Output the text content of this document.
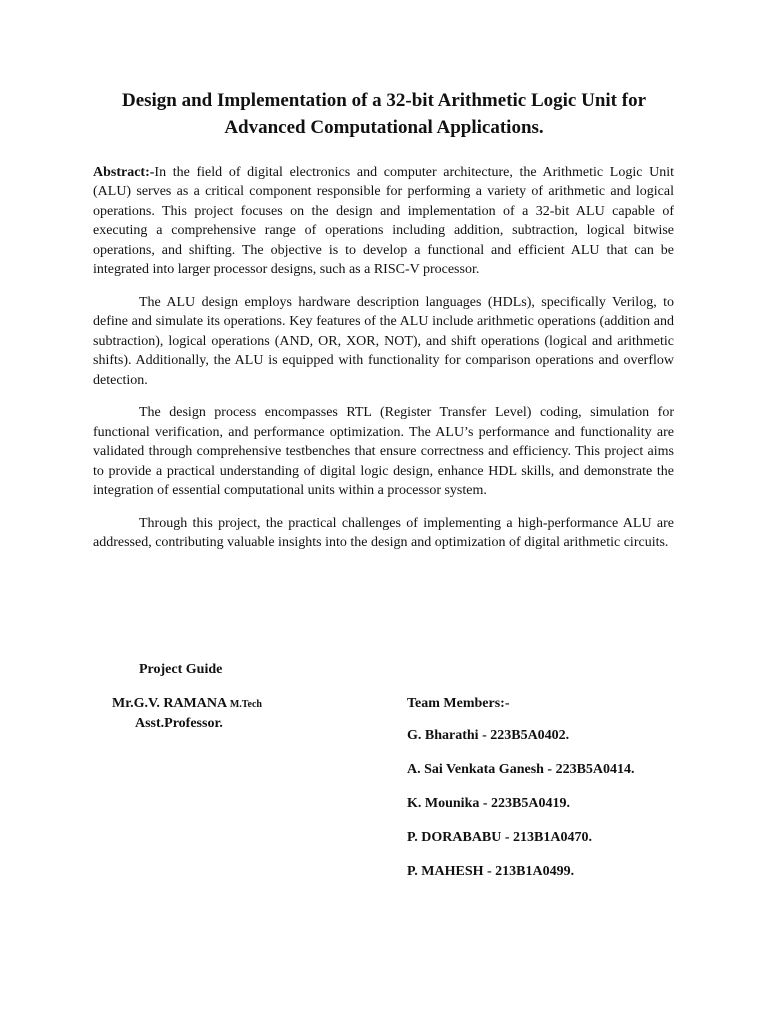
Design and Implementation of a 32-bit Arithmetic Logic Unit for
Advanced Computational Applications.

Abstract:-In the field of digital electronics and computer architecture, the Arithmetic Logic Unit (ALU) serves as a critical component responsible for performing a variety of arithmetic and logical operations. This project focuses on the design and implementation of a 32-bit ALU capable of executing a comprehensive range of operations including addition, subtraction, logical bitwise operations, and shifting. The objective is to develop a functional and efficient ALU that can be integrated into larger processor designs, such as a RISC-V processor.

The ALU design employs hardware description languages (HDLs), specifically Verilog, to define and simulate its operations. Key features of the ALU include arithmetic operations (addition and subtraction), logical operations (AND, OR, XOR, NOT), and shift operations (logical and arithmetic shifts). Additionally, the ALU is equipped with functionality for comparison operations and overflow detection.

The design process encompasses RTL (Register Transfer Level) coding, simulation for functional verification, and performance optimization. The ALU’s performance and functionality are validated through comprehensive testbenches that ensure correctness and efficiency. This project aims to provide a practical understanding of digital logic design, enhance HDL skills, and demonstrate the integration of essential computational units within a processor system.

Through this project, the practical challenges of implementing a high-performance ALU are addressed, contributing valuable insights into the design and optimization of digital arithmetic circuits.

Project Guide
Mr.G.V. RAMANA M.Tech
Asst.Professor.
Team Members:-
G. Bharathi - 223B5A0402.
A. Sai Venkata Ganesh - 223B5A0414.
K. Mounika - 223B5A0419.
P. DORABABU - 213B1A0470.
P. MAHESH - 213B1A0499.
